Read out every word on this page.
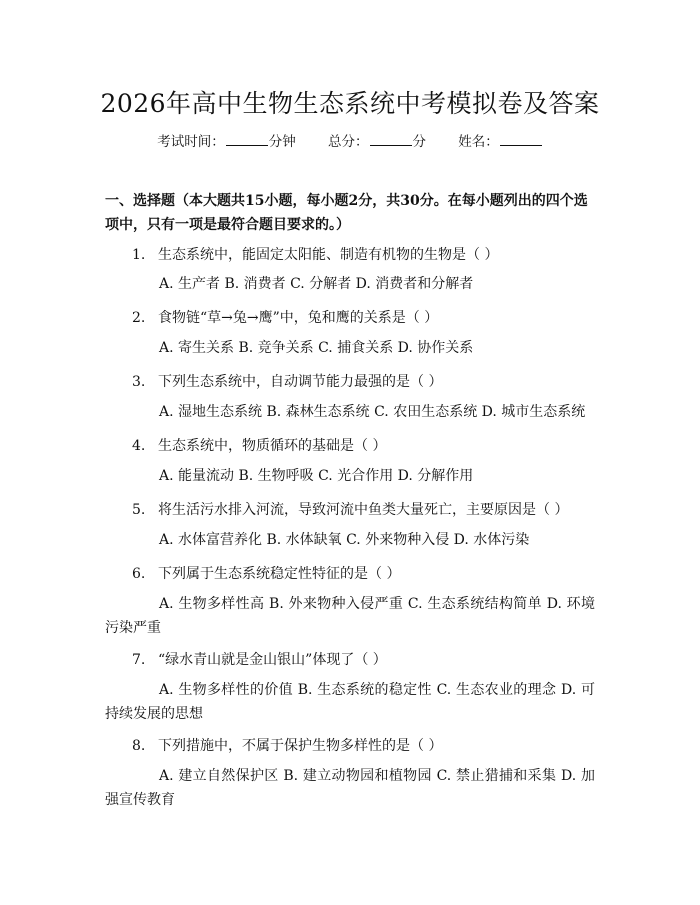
2026年高中生物生态系统中考模拟卷及答案
考试时间：	分钟 总分：	分 姓名：
一、选择题（本大题共15小题，每小题2分，共30分。在每小题列出的四个选项中，只有一项是最符合题目要求的。）
1. 生态系统中，能固定太阳能、制造有机物的生物是（ ）
A. 生产者 B. 消费者 C. 分解者 D. 消费者和分解者
2. 食物链“草→兔→鹰”中，兔和鹰的关系是（ ）
A. 寄生关系 B. 竞争关系 C. 捕食关系 D. 协作关系
3. 下列生态系统中，自动调节能力最强的是（ ）
A. 湿地生态系统 B. 森林生态系统 C. 农田生态系统 D. 城市生态系统
4. 生态系统中，物质循环的基础是（ ）
A. 能量流动 B. 生物呼吸 C. 光合作用 D. 分解作用
5. 将生活污水排入河流，导致河流中鱼类大量死亡，主要原因是（ ）
A. 水体富营养化 B. 水体缺氧 C. 外来物种入侵 D. 水体污染
6. 下列属于生态系统稳定性特征的是（ ）
A. 生物多样性高 B. 外来物种入侵严重 C. 生态系统结构简单 D. 环境污染严重
7. “绿水青山就是金山银山”体现了（ ）
A. 生物多样性的价值 B. 生态系统的稳定性 C. 生态农业的理念 D. 可持续发展的思想
8. 下列措施中，不属于保护生物多样性的是（ ）
A. 建立自然保护区 B. 建立动物园和植物园 C. 禁止猎捕和采集 D. 加强宣传教育
